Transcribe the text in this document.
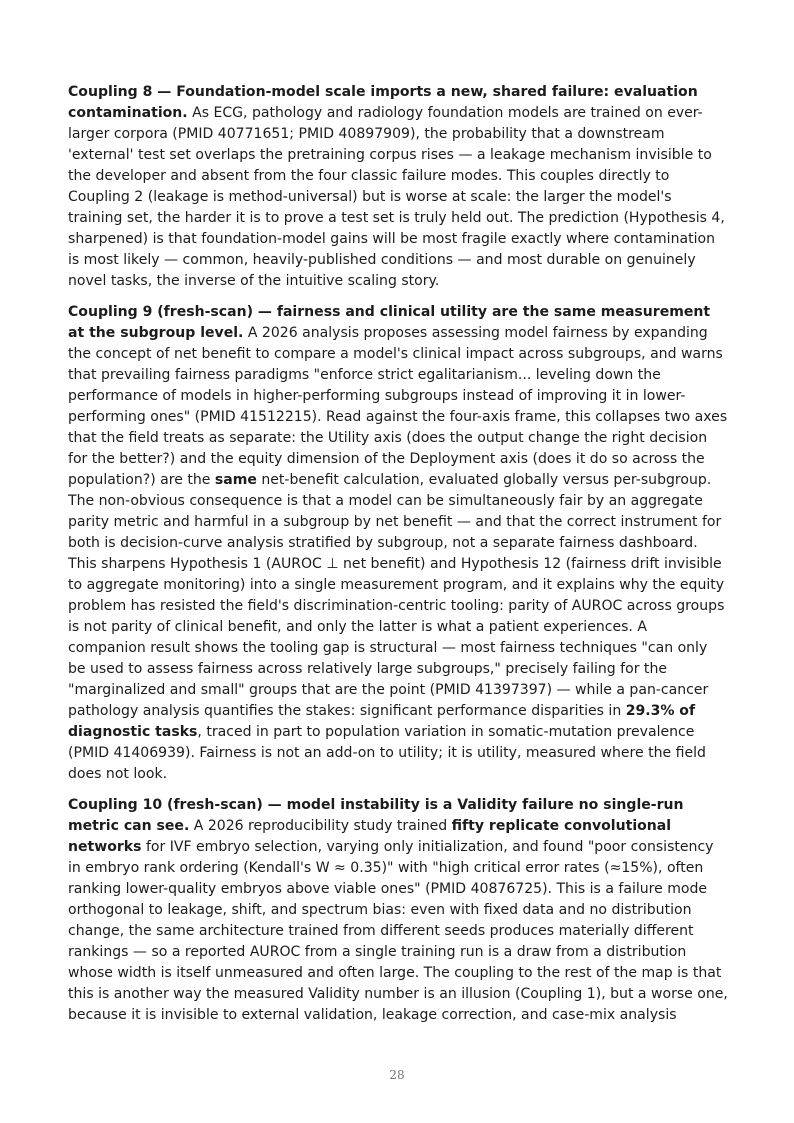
Coupling 8 — Foundation-model scale imports a new, shared failure: evaluation contamination. As ECG, pathology and radiology foundation models are trained on ever-larger corpora (PMID 40771651; PMID 40897909), the probability that a downstream 'external' test set overlaps the pretraining corpus rises — a leakage mechanism invisible to the developer and absent from the four classic failure modes. This couples directly to Coupling 2 (leakage is method-universal) but is worse at scale: the larger the model's training set, the harder it is to prove a test set is truly held out. The prediction (Hypothesis 4, sharpened) is that foundation-model gains will be most fragile exactly where contamination is most likely — common, heavily-published conditions — and most durable on genuinely novel tasks, the inverse of the intuitive scaling story.

Coupling 9 (fresh-scan) — fairness and clinical utility are the same measurement at the subgroup level. A 2026 analysis proposes assessing model fairness by expanding the concept of net benefit to compare a model's clinical impact across subgroups, and warns that prevailing fairness paradigms "enforce strict egalitarianism... leveling down the performance of models in higher-performing subgroups instead of improving it in lower-performing ones" (PMID 41512215). Read against the four-axis frame, this collapses two axes that the field treats as separate: the Utility axis (does the output change the right decision for the better?) and the equity dimension of the Deployment axis (does it do so across the population?) are the same net-benefit calculation, evaluated globally versus per-subgroup. The non-obvious consequence is that a model can be simultaneously fair by an aggregate parity metric and harmful in a subgroup by net benefit — and that the correct instrument for both is decision-curve analysis stratified by subgroup, not a separate fairness dashboard. This sharpens Hypothesis 1 (AUROC ⊥ net benefit) and Hypothesis 12 (fairness drift invisible to aggregate monitoring) into a single measurement program, and it explains why the equity problem has resisted the field's discrimination-centric tooling: parity of AUROC across groups is not parity of clinical benefit, and only the latter is what a patient experiences. A companion result shows the tooling gap is structural — most fairness techniques "can only be used to assess fairness across relatively large subgroups," precisely failing for the "marginalized and small" groups that are the point (PMID 41397397) — while a pan-cancer pathology analysis quantifies the stakes: significant performance disparities in 29.3% of diagnostic tasks, traced in part to population variation in somatic-mutation prevalence (PMID 41406939). Fairness is not an add-on to utility; it is utility, measured where the field does not look.

Coupling 10 (fresh-scan) — model instability is a Validity failure no single-run metric can see. A 2026 reproducibility study trained fifty replicate convolutional networks for IVF embryo selection, varying only initialization, and found "poor consistency in embryo rank ordering (Kendall's W ≈ 0.35)" with "high critical error rates (≈15%), often ranking lower-quality embryos above viable ones" (PMID 40876725). This is a failure mode orthogonal to leakage, shift, and spectrum bias: even with fixed data and no distribution change, the same architecture trained from different seeds produces materially different rankings — so a reported AUROC from a single training run is a draw from a distribution whose width is itself unmeasured and often large. The coupling to the rest of the map is that this is another way the measured Validity number is an illusion (Coupling 1), but a worse one, because it is invisible to external validation, leakage correction, and case-mix analysis

28
